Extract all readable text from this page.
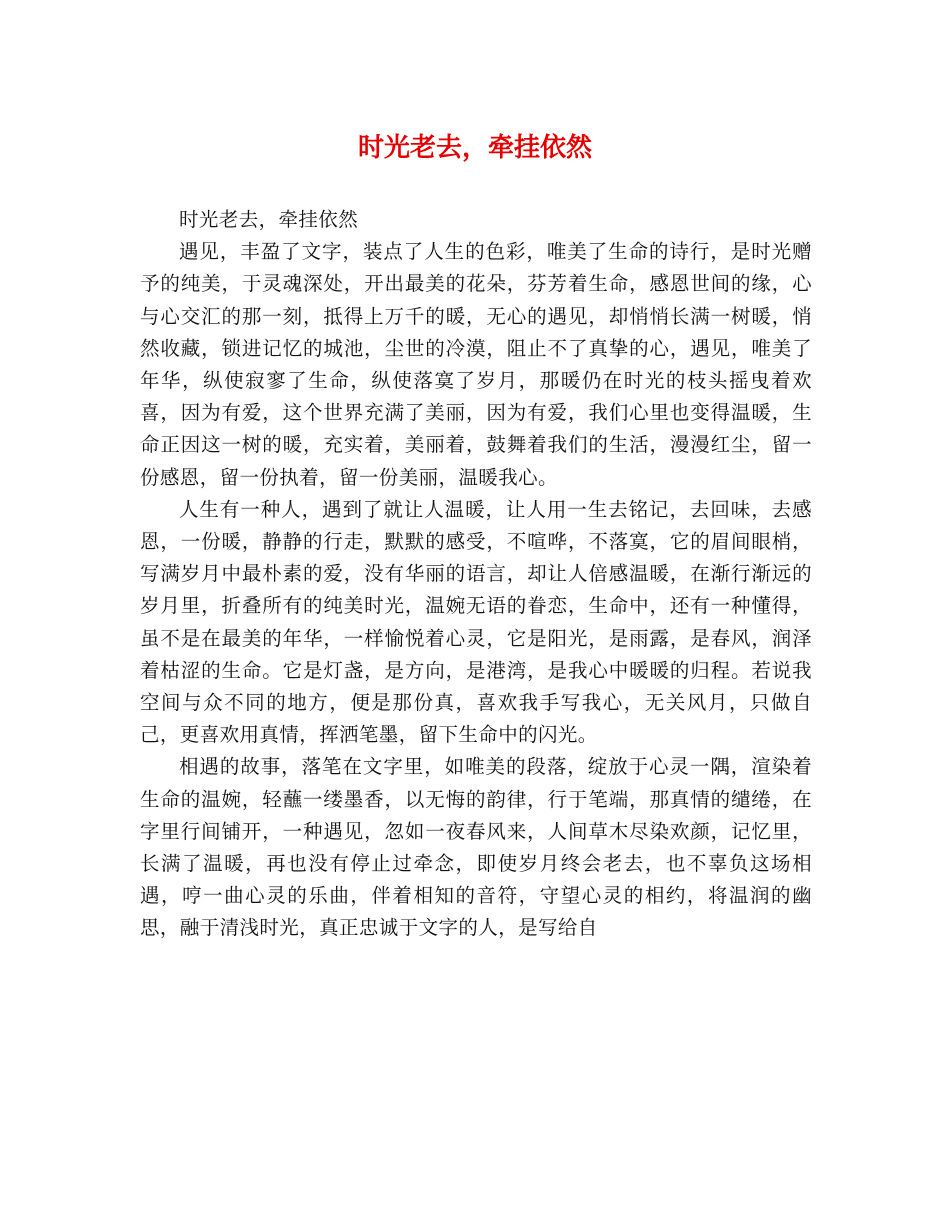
时光老去，牵挂依然

时光老去，牵挂依然

遇见，丰盈了文字，装点了人生的色彩，唯美了生命的诗行，是时光赠予的纯美，于灵魂深处，开出最美的花朵，芬芳着生命，感恩世间的缘，心与心交汇的那一刻，抵得上万千的暖，无心的遇见，却悄悄长满一树暖，悄然收藏，锁进记忆的城池，尘世的冷漠，阻止不了真挚的心，遇见，唯美了年华，纵使寂寥了生命，纵使落寞了岁月，那暖仍在时光的枝头摇曳着欢喜，因为有爱，这个世界充满了美丽，因为有爱，我们心里也变得温暖，生命正因这一树的暖，充实着，美丽着，鼓舞着我们的生活，漫漫红尘，留一份感恩，留一份执着，留一份美丽，温暖我心。

人生有一种人，遇到了就让人温暖，让人用一生去铭记，去回味，去感恩，一份暖，静静的行走，默默的感受，不喧哗，不落寞，它的眉间眼梢，写满岁月中最朴素的爱，没有华丽的语言，却让人倍感温暖，在渐行渐远的岁月里，折叠所有的纯美时光，温婉无语的眷恋，生命中，还有一种懂得，虽不是在最美的年华，一样愉悦着心灵，它是阳光，是雨露，是春风，润泽着枯涩的生命。它是灯盏，是方向，是港湾，是我心中暖暖的归程。若说我空间与众不同的地方，便是那份真，喜欢我手写我心，无关风月，只做自己，更喜欢用真情，挥洒笔墨，留下生命中的闪光。

相遇的故事，落笔在文字里，如唯美的段落，绽放于心灵一隅，渲染着生命的温婉，轻蘸一缕墨香，以无悔的韵律，行于笔端，那真情的缱绻，在字里行间铺开，一种遇见，忽如一夜春风来，人间草木尽染欢颜，记忆里，长满了温暖，再也没有停止过牵念，即使岁月终会老去，也不辜负这场相遇，哼一曲心灵的乐曲，伴着相知的音符，守望心灵的相约，将温润的幽思，融于清浅时光，真正忠诚于文字的人，是写给自
